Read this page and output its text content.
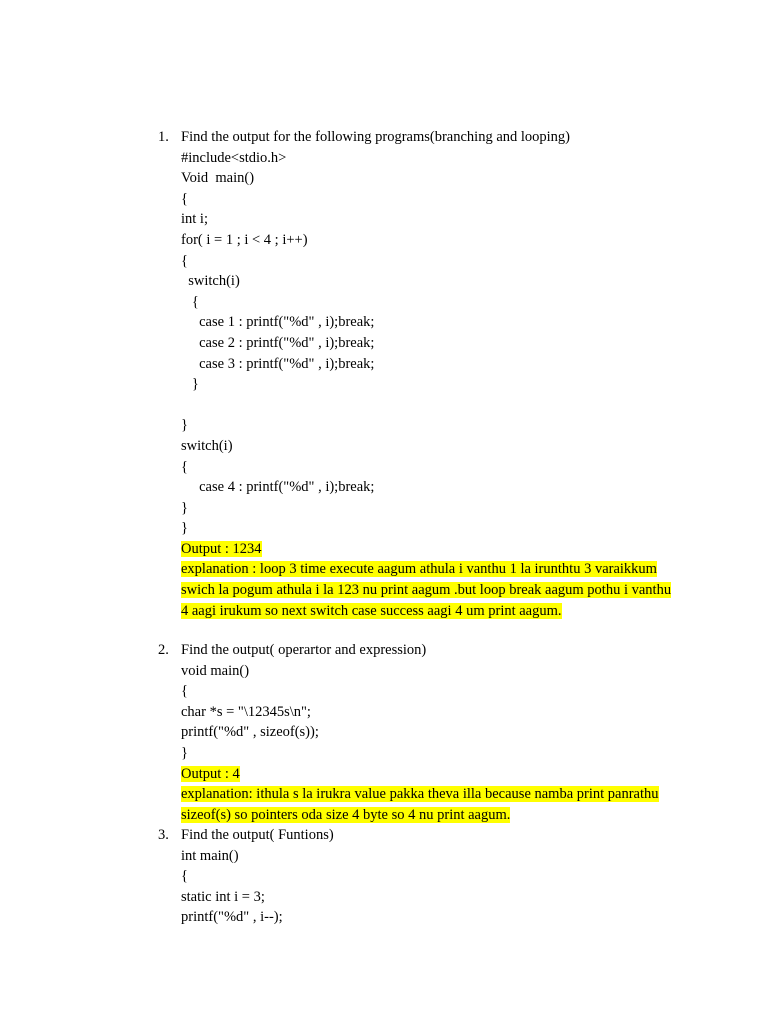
1. Find the output for the following programs(branching and looping)
#include<stdio.h>
Void  main()
{
int i;
for( i = 1 ; i < 4 ; i++)
{
switch(i)
{
case 1 : printf("%d" , i);break;
case 2 : printf("%d" , i);break;
case 3 : printf("%d" , i);break;
}
}
switch(i)
{
case 4 : printf("%d" , i);break;
}
}
Output : 1234
explanation : loop 3 time execute aagum athula i vanthu 1 la irunthtu 3 varaikkum swich la pogum athula i la 123 nu print aagum .but loop break aagum pothu i vanthu 4 aagi irukum so next switch case success aagi 4 um print aagum.
2. Find the output( operartor and expression)
void main()
{
char *s = "\12345s\n";
printf("%d" , sizeof(s));
}
Output : 4
explanation: ithula s la irukra value pakka theva illa because namba print panrathu sizeof(s) so pointers oda size 4 byte so 4 nu print aagum.
3. Find the output( Funtions)
int main()
{
static int i = 3;
printf("%d" , i--);
